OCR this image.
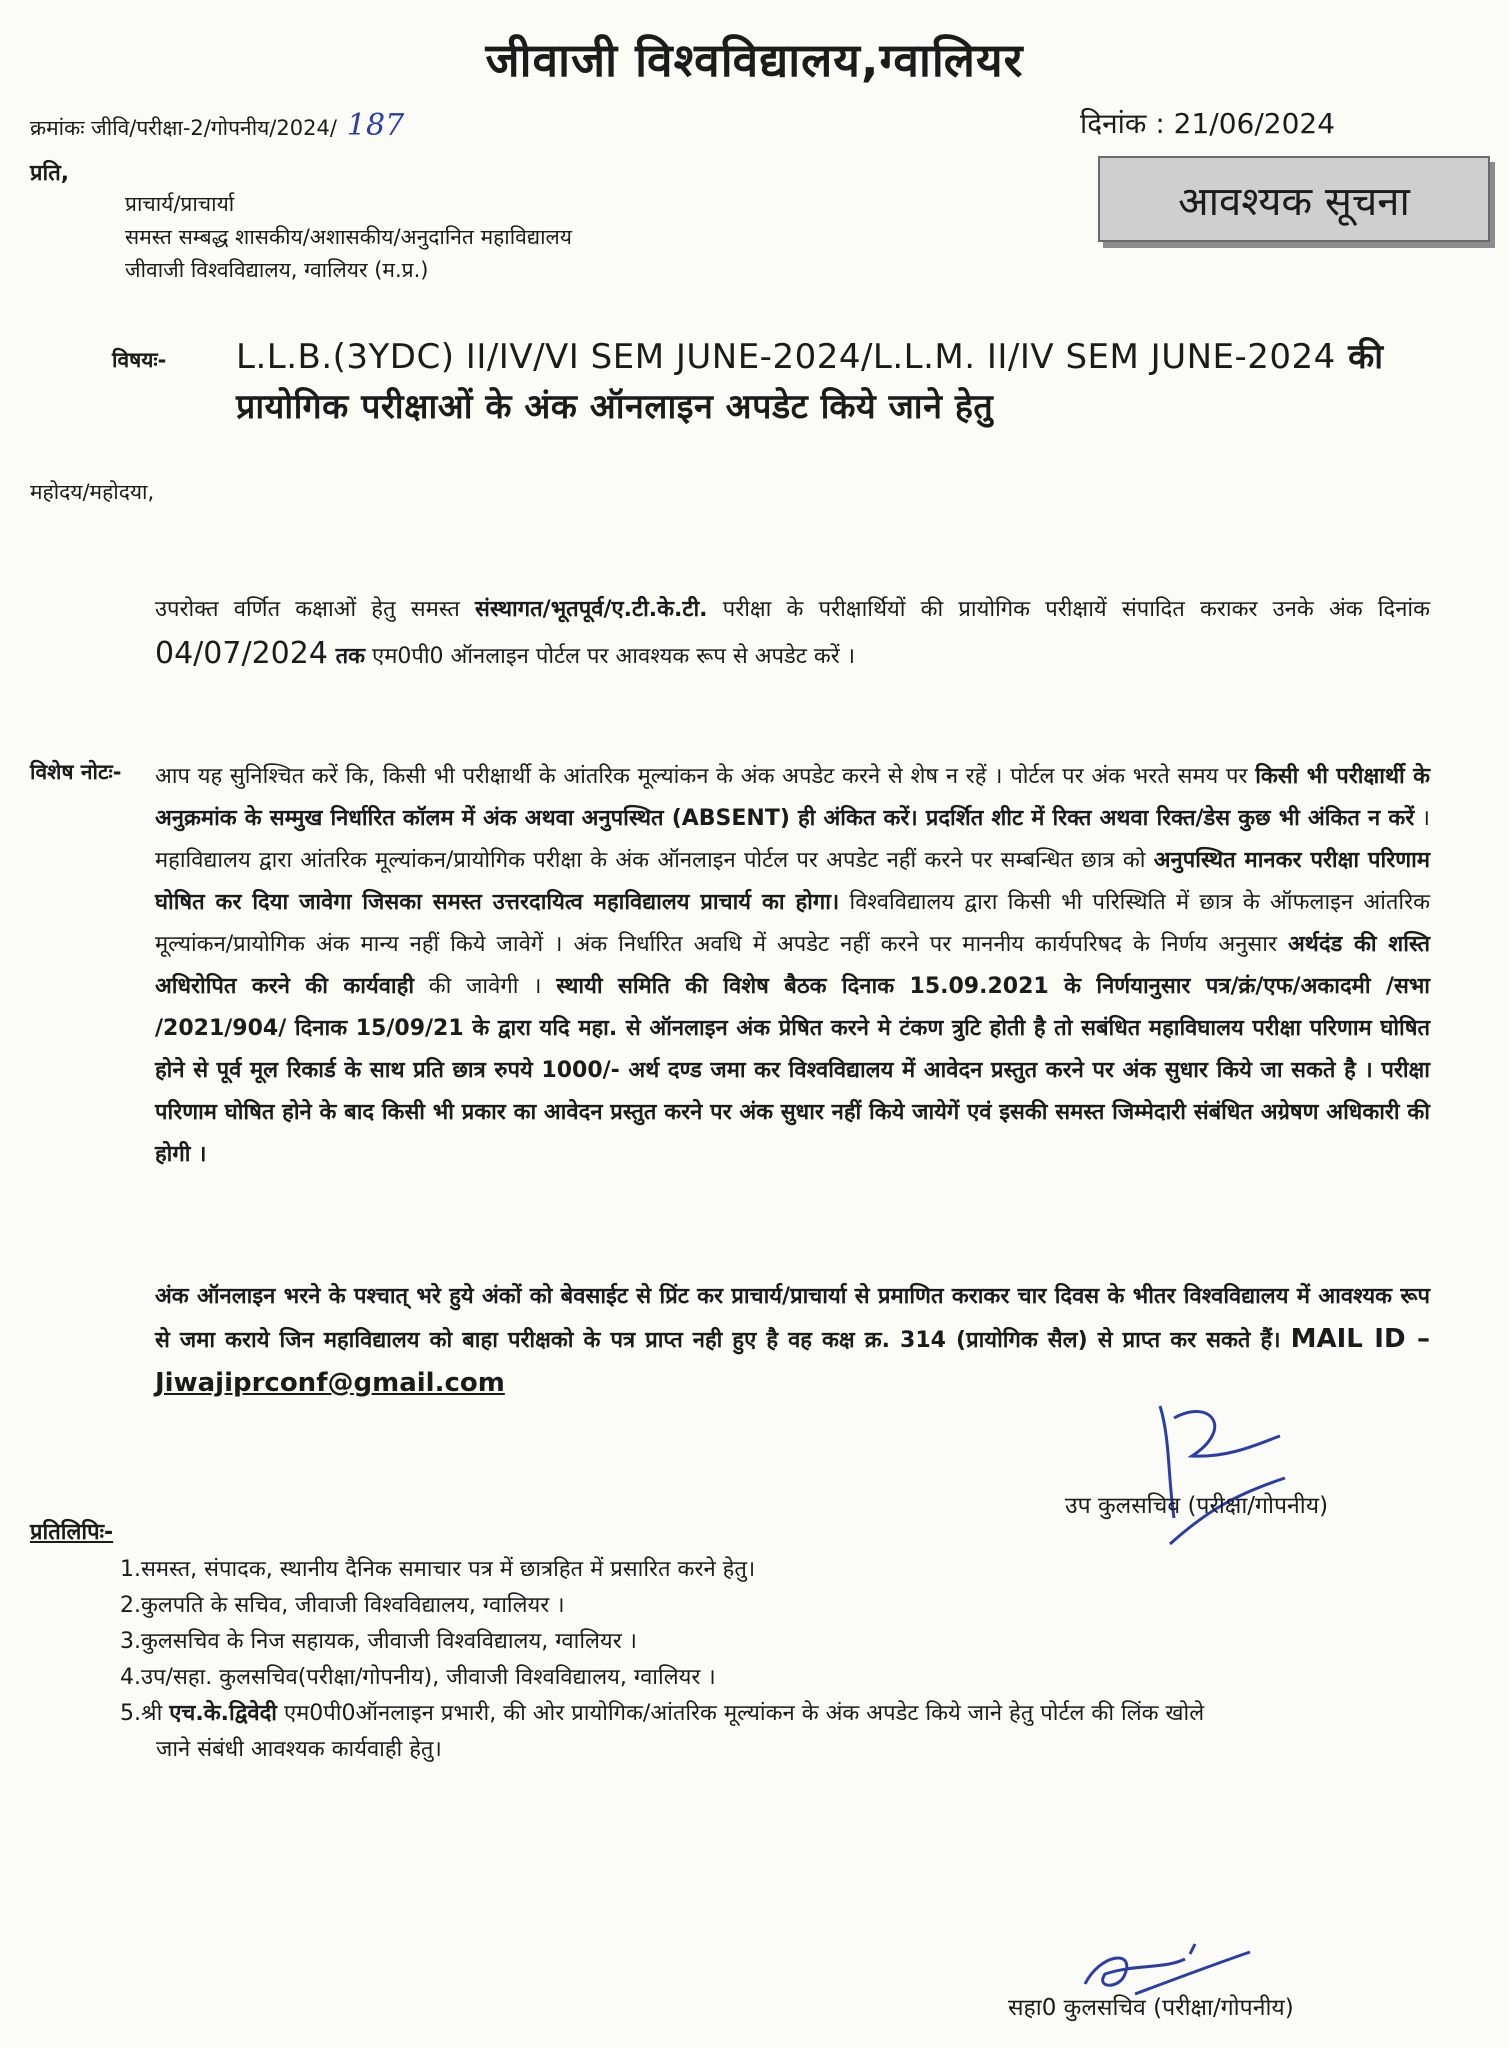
जीवाजी विश्वविद्यालय,ग्वालियर
क्रमांकः जीवि/परीक्षा-2/गोपनीय/2024/ 187	दिनांक : 21/06/2024
आवश्यक सूचना
प्रति,
प्राचार्य/प्राचार्या
समस्त सम्बद्ध शासकीय/अशासकीय/अनुदानित महाविद्यालय
जीवाजी विश्वविद्यालय, ग्वालियर (म.प्र.)
विषयः- L.L.B.(3YDC) II/IV/VI SEM JUNE-2024/L.L.M. II/IV SEM JUNE-2024 की प्रायोगिक परीक्षाओं के अंक ऑनलाइन अपडेट किये जाने हेतु
महोदय/महोदया,
उपरोक्त वर्णित कक्षाओं हेतु समस्त संस्थागत/भूतपूर्व/ए.टी.के.टी. परीक्षा के परीक्षार्थियों की प्रायोगिक परीक्षायें संपादित कराकर उनके अंक दिनांक 04/07/2024 तक एम0पी0 ऑनलाइन पोर्टल पर आवश्यक रूप से अपडेट करें ।
विशेष नोटः- आप यह सुनिश्चित करें कि, किसी भी परीक्षार्थी के आंतरिक मूल्यांकन के अंक अपडेट करने से शेष न रहें । पोर्टल पर अंक भरते समय पर किसी भी परीक्षार्थी के अनुक्रमांक के सम्मुख निर्धारित कॉलम में अंक अथवा अनुपस्थित (ABSENT) ही अंकित करें। प्रदर्शित शीट में रिक्त अथवा रिक्त/डेस कुछ भी अंकित न करें । महाविद्यालय द्वारा आंतरिक मूल्यांकन/प्रायोगिक परीक्षा के अंक ऑनलाइन पोर्टल पर अपडेट नहीं करने पर सम्बन्धित छात्र को अनुपस्थित मानकर परीक्षा परिणाम घोषित कर दिया जावेगा जिसका समस्त उत्तरदायित्व महाविद्यालय प्राचार्य का होगा। विश्वविद्यालय द्वारा किसी भी परिस्थिति में छात्र के ऑफलाइन आंतरिक मूल्यांकन/प्रायोगिक अंक मान्य नहीं किये जावेगें । अंक निर्धारित अवधि में अपडेट नहीं करने पर माननीय कार्यपरिषद के निर्णय अनुसार अर्थदंड की शस्ति अधिरोपित करने की कार्यवाही की जावेगी । स्थायी समिति की विशेष बैठक दिनाक 15.09.2021 के निर्णयानुसार पत्र/क्रं/एफ/अकादमी /सभा /2021/904/ दिनाक 15/09/21 के द्वारा यदि महा. से ऑनलाइन अंक प्रेषित करने मे टंकण त्रुटि होती है तो सबंधित महाविघालय परीक्षा परिणाम घोषित होने से पूर्व मूल रिकार्ड के साथ प्रति छात्र रुपये 1000/- अर्थ दण्ड जमा कर विश्वविद्यालय में आवेदन प्रस्तुत करने पर अंक सुधार किये जा सकते है । परीक्षा परिणाम घोषित होने के बाद किसी भी प्रकार का आवेदन प्रस्तुत करने पर अंक सुधार नहीं किये जायेगें एवं इसकी समस्त जिम्मेदारी संबंधित अग्रेषण अधिकारी की होगी ।
अंक ऑनलाइन भरने के पश्चात् भरे हुये अंकों को बेवसाईट से प्रिंट कर प्राचार्य/प्राचार्या से प्रमाणित कराकर चार दिवस के भीतर विश्वविद्यालय में आवश्यक रूप से जमा कराये जिन महाविद्यालय को बाहा परीक्षको के पत्र प्राप्त नही हुए है वह कक्ष क्र. 314 (प्रायोगिक सैल) से प्राप्त कर सकते हैं। MAIL ID – Jiwajiprconf@gmail.com
उप कुलसचिव (परीक्षा/गोपनीय)
प्रतिलिपिः-
1.समस्त, संपादक, स्थानीय दैनिक समाचार पत्र में छात्रहित में प्रसारित करने हेतु।
2.कुलपति के सचिव, जीवाजी विश्वविद्यालय, ग्वालियर ।
3.कुलसचिव के निज सहायक, जीवाजी विश्वविद्यालय, ग्वालियर ।
4.उप/सहा. कुलसचिव(परीक्षा/गोपनीय), जीवाजी विश्वविद्यालय, ग्वालियर ।
5.श्री एच.के.द्विवेदी एम0पी0ऑनलाइन प्रभारी, की ओर प्रायोगिक/आंतरिक मूल्यांकन के अंक अपडेट किये जाने हेतु पोर्टल की लिंक खोले
जाने संबंधी आवश्यक कार्यवाही हेतु।
सहा0 कुलसचिव (परीक्षा/गोपनीय)
